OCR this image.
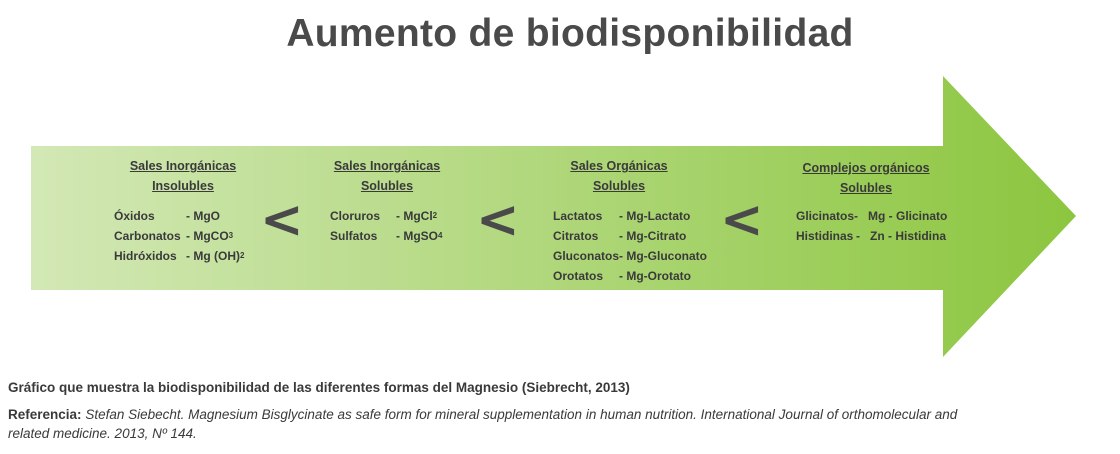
Aumento de biodisponibilidad
Sales Inorgánicas
Insolubles
Óxidos	- MgO
Carbonatos - MgCO 3
Hidróxidos - Mg (OH) 2
<
Sales Inorgánicas
Solubles
Cloruros	- MgCl 2
Sulfatos	- MgSO 4 <
Sales Orgánicas
Solubles
Lactatos	- Mg-Lactato
Citratos	- Mg-Citrato
Gluconatos - Mg-Gluconato
Orotatos	- Mg-Orotato
<
Complejos orgánicos
Solubles
Glicinatos -   Mg - Glicinato
Histidinas -   Zn - Histidina
Gráfico que muestra la biodisponibilidad de las diferentes formas del Magnesio (Siebrecht, 2013)
Referencia: Stefan Siebecht. Magnesium Bisglycinate as safe form for mineral supplementation in human nutrition. International Journal of orthomolecular and related medicine. 2013, Nº 144.
